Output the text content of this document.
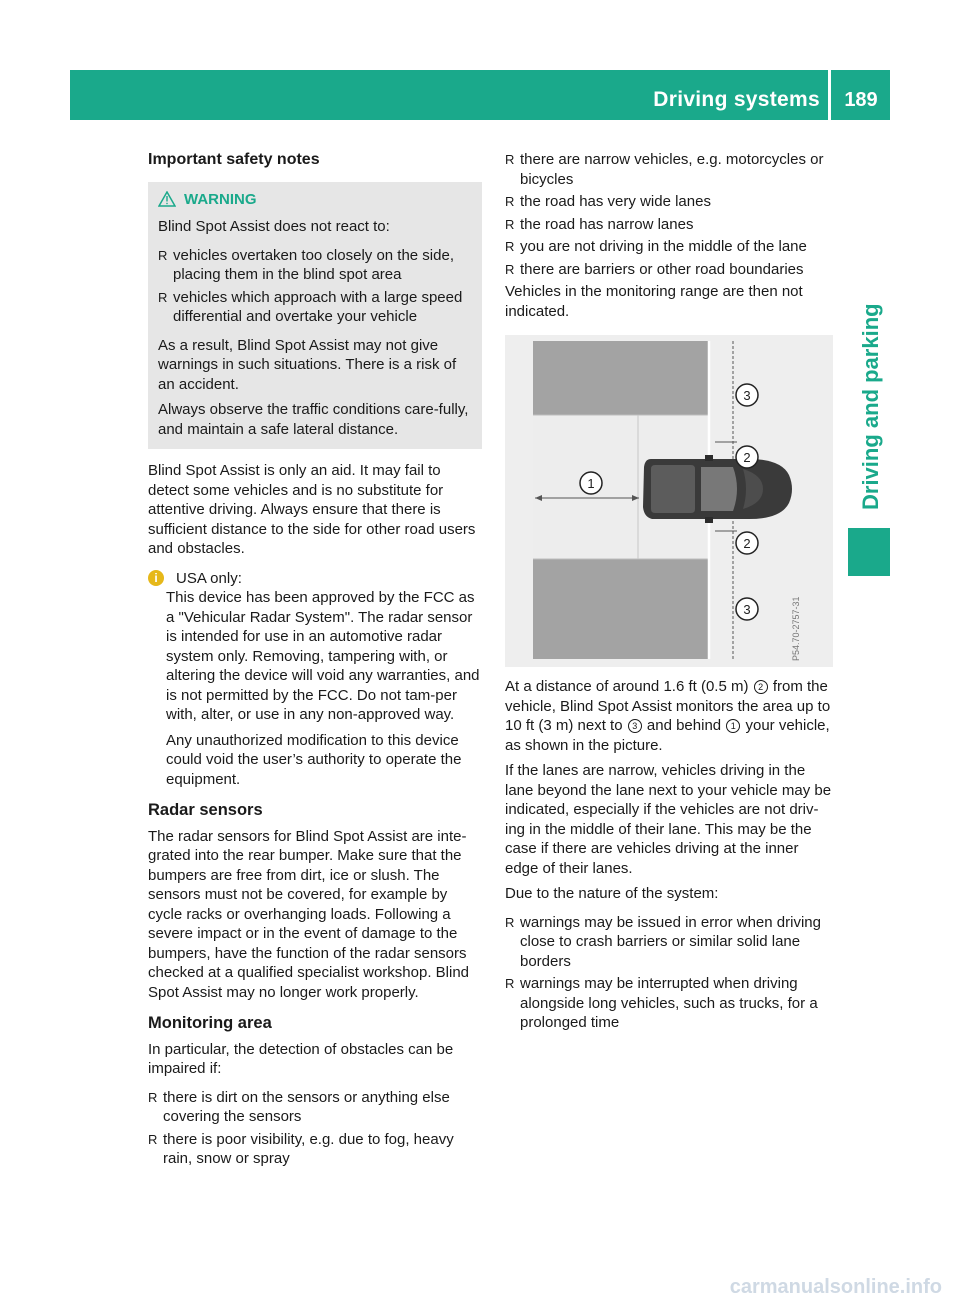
Driving systems	189
Driving and parking
Important safety notes
WARNING

Blind Spot Assist does not react to:

R vehicles overtaken too closely on the side, placing them in the blind spot area
R vehicles which approach with a large speed differential and overtake your vehicle

As a result, Blind Spot Assist may not give warnings in such situations. There is a risk of an accident.

Always observe the traffic conditions care-fully, and maintain a safe lateral distance.

Blind Spot Assist is only an aid. It may fail to detect some vehicles and is no substitute for attentive driving. Always ensure that there is sufficient distance to the side for other road users and obstacles.

i	USA only:

This device has been approved by the FCC as a "Vehicular Radar System". The radar sensor is intended for use in an automotive radar system only. Removing, tampering with, or altering the device will void any warranties, and is not permitted by the FCC. Do not tam-per with, alter, or use in any non-approved way.

Any unauthorized modification to this device could void the user’s authority to operate the equipment.

Radar sensors

The radar sensors for Blind Spot Assist are inte-grated into the rear bumper. Make sure that the bumpers are free from dirt, ice or slush. The sensors must not be covered, for example by cycle racks or overhanging loads. Following a severe impact or in the event of damage to the bumpers, have the function of the radar sensors checked at a qualified specialist workshop. Blind Spot Assist may no longer work properly.

Monitoring area

In particular, the detection of obstacles can be impaired if:

R there is dirt on the sensors or anything else covering the sensors
R there is poor visibility, e.g. due to fog, heavy rain, snow or spray
R there are narrow vehicles, e.g. motorcycles or bicycles
R the road has very wide lanes
R the road has narrow lanes
R you are not driving in the middle of the lane
R there are barriers or other road boundaries

Vehicles in the monitoring range are then not indicated.

1
2
2
3
3	P54.70-2757-31

At a distance of around 1.6 ft (0.5 m) 2 from the vehicle, Blind Spot Assist monitors the area up to 10 ft (3 m) next to 3 and behind 1 your vehicle, as shown in the picture.

If the lanes are narrow, vehicles driving in the lane beyond the lane next to your vehicle may be indicated, especially if the vehicles are not driv-ing in the middle of their lane. This may be the case if there are vehicles driving at the inner edge of their lanes.

Due to the nature of the system:

R warnings may be issued in error when driving close to crash barriers or similar solid lane borders
R warnings may be interrupted when driving alongside long vehicles, such as trucks, for a prolonged time
carmanualsonline.info
